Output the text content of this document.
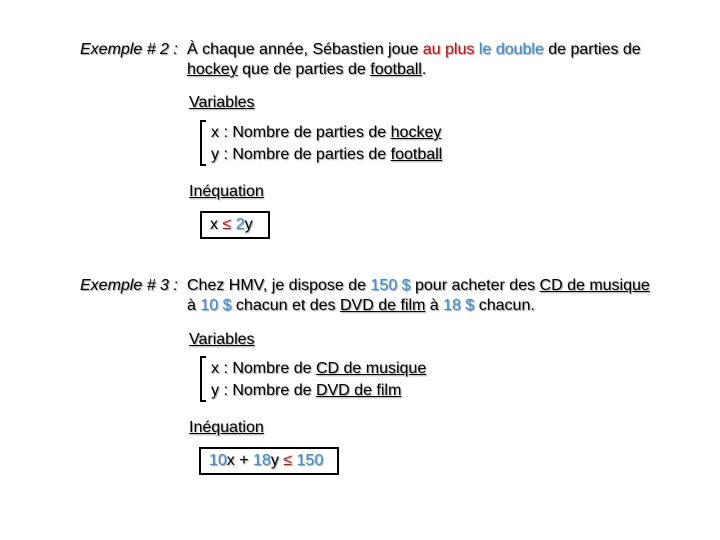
Exemple # 2 : À chaque année, Sébastien joue au plus le double de parties de
hockey que de parties de football.
Variables
x : Nombre de parties de hockey
y : Nombre de parties de football
Inéquation
x ≤ 2y
Exemple # 3 : Chez HMV, je dispose de 150 $ pour acheter des CD de musique
à 10 $ chacun et des DVD de film à 18 $ chacun.
Variables
x : Nombre de CD de musique
y : Nombre de DVD de film
Inéquation
10x + 18y ≤ 150
